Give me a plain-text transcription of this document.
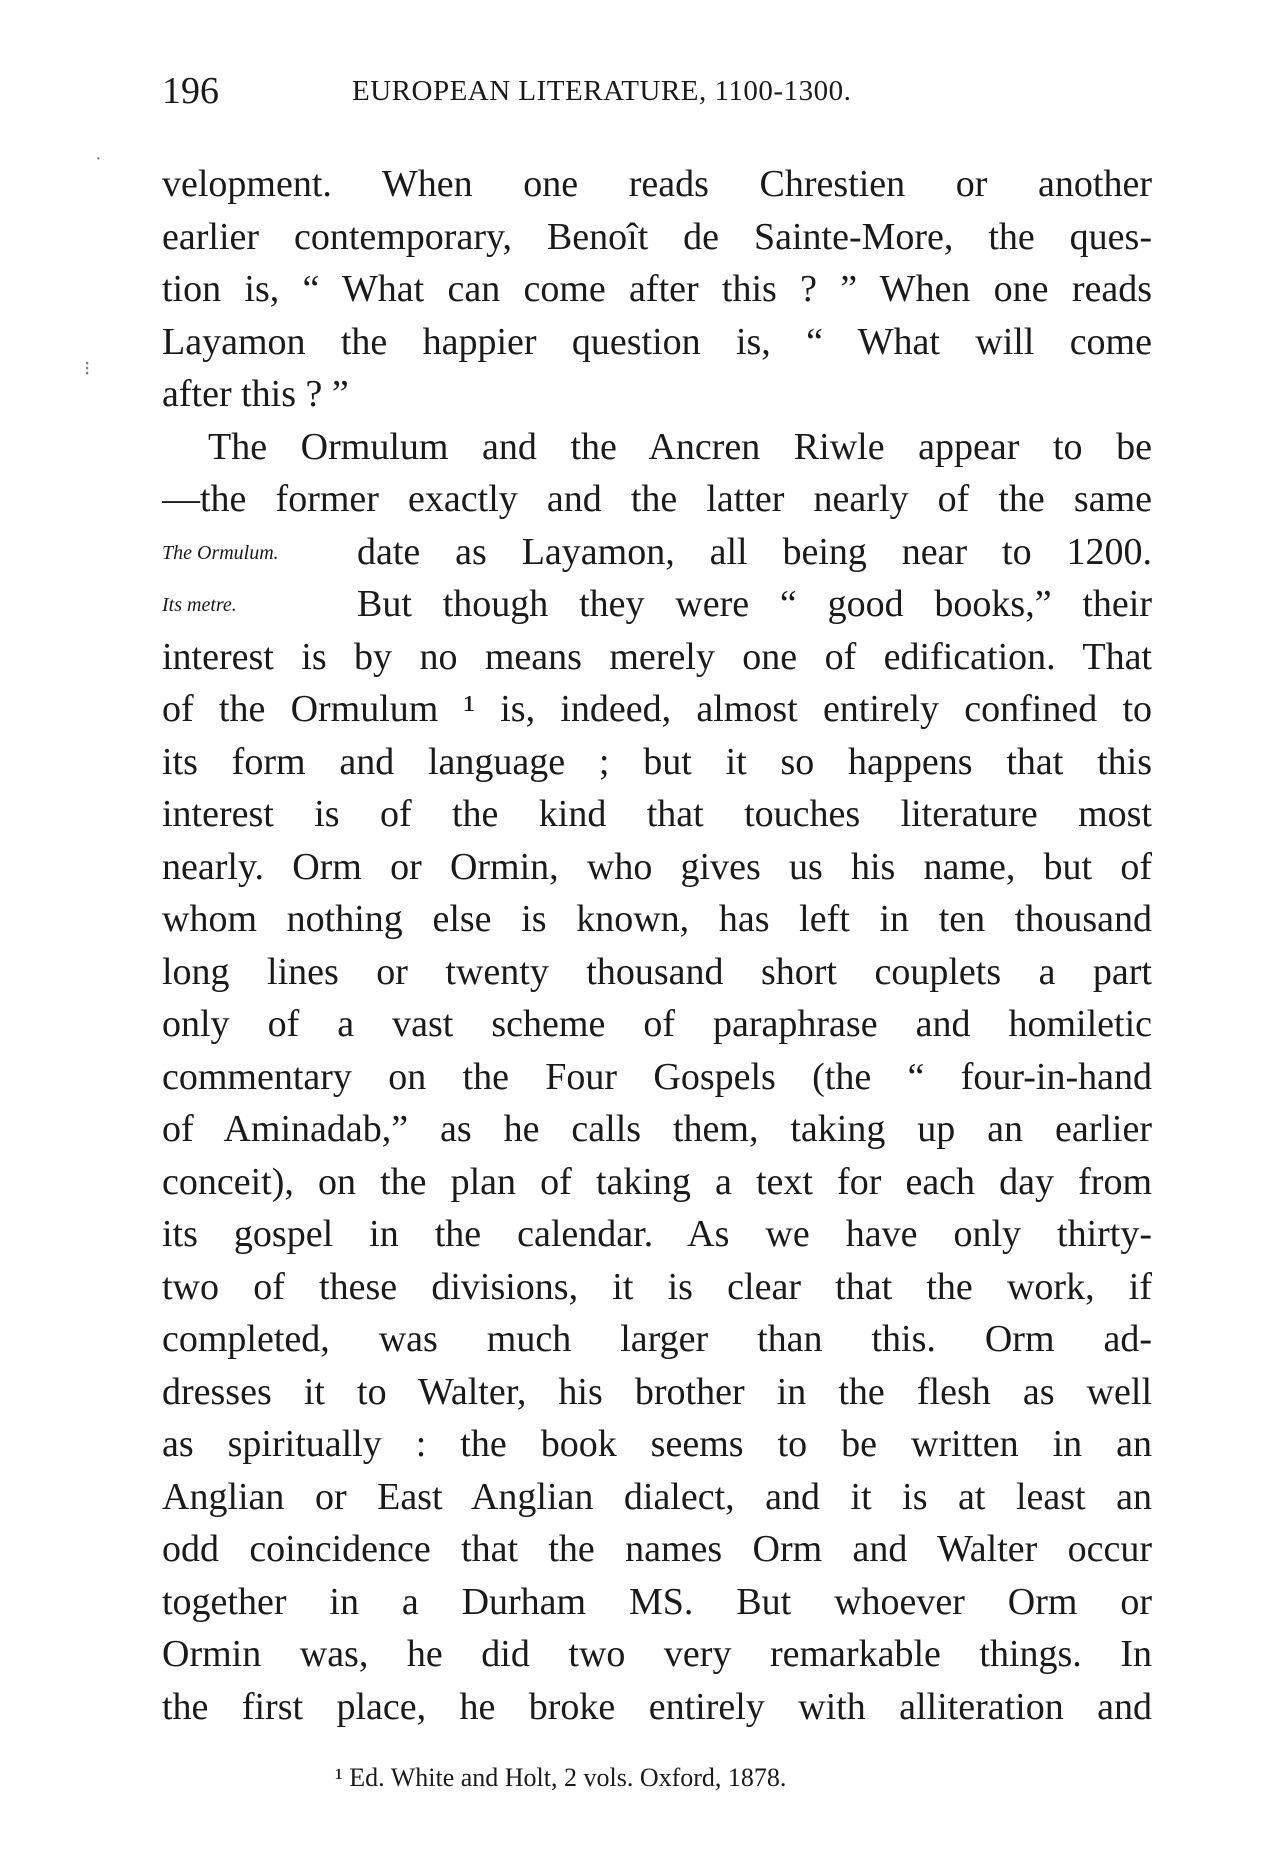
196	EUROPEAN LITERATURE, 1100-1300.
·
⁝
velopment. When one reads Chrestien or another
earlier contemporary, Benoît de Sainte-More, the ques-
tion is, “ What can come after this ? ” When one reads
Layamon the happier question is, “ What will come
after this ? ”
The Ormulum and the Ancren Riwle appear to be
—the former exactly and the latter nearly of the same
date as Layamon, all being near to 1200.
But though they were “ good books,” their
interest is by no means merely one of edification. That
of the Ormulum ¹ is, indeed, almost entirely confined to
its form and language ; but it so happens that this
interest is of the kind that touches literature most
nearly. Orm or Ormin, who gives us his name, but of
whom nothing else is known, has left in ten thousand
long lines or twenty thousand short couplets a part
only of a vast scheme of paraphrase and homiletic
commentary on the Four Gospels (the “ four-in-hand
of Aminadab,” as he calls them, taking up an earlier
conceit), on the plan of taking a text for each day from
its gospel in the calendar. As we have only thirty-
two of these divisions, it is clear that the work, if
completed, was much larger than this. Orm ad-
dresses it to Walter, his brother in the flesh as well
as spiritually : the book seems to be written in an
Anglian or East Anglian dialect, and it is at least an
odd coincidence that the names Orm and Walter occur
together in a Durham MS. But whoever Orm or
Ormin was, he did two very remarkable things. In
the first place, he broke entirely with alliteration and
The Ormulum.
Its metre.
¹ Ed. White and Holt, 2 vols. Oxford, 1878.
